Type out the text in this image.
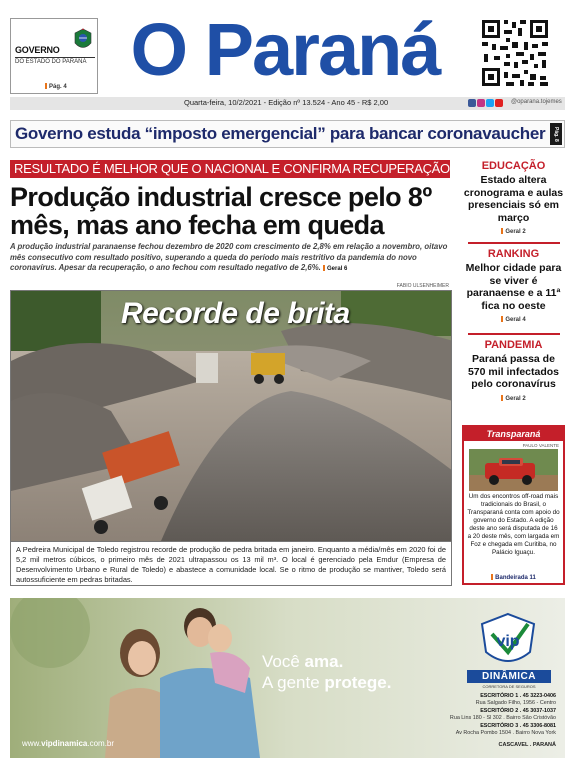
GOVERNO
DO ESTADO DO PARANÁ
Pág. 4 O Paraná
Quarta-feira, 10/2/2021 - Edição nº 13.524 - Ano 45 - R$ 2,00	@oparana.tojemes
Governo estuda “imposto emergencial” para bancar coronavaucher	Pág. 8
RESULTADO É MELHOR QUE O NACIONAL E CONFIRMA RECUPERAÇÃO
Produção industrial cresce pelo 8º mês, mas ano fecha em queda
A produção industrial paranaense fechou dezembro de 2020 com crescimento de 2,8% em relação a novembro, oitavo mês consecutivo com resultado positivo, superando a queda do período mais restritivo da pandemia do novo coronavírus. Apesar da recuperação, o ano fechou com resultado negativo de 2,6%. Geral 6
FABIO ULSENHEIMER
Recorde de brita
A Pedreira Municipal de Toledo registrou recorde de produção de pedra britada em janeiro. Enquanto a média/mês em 2020 foi de 5,2 mil metros cúbicos, o primeiro mês de 2021 ultrapassou os 13 mil m³. O local é gerenciado pela Emdur (Empresa de Desenvolvimento Urbano e Rural de Toledo) e abastece a comunidade local. Se o ritmo de produção se mantiver, Toledo será autossuficiente em pedras britadas.
EDUCAÇÃO
Estado altera cronograma e aulas presenciais só em março
Geral 2
RANKING
Melhor cidade para se viver é paranaense e a 11ª fica no oeste
Geral 4
PANDEMIA
Paraná passa de 570 mil infectados pelo coronavírus
Geral 2
Transparaná
PAULO VALENTE
Um dos encontros off-road mais tradicionais do Brasil, o Transparaná conta com apoio do governo do Estado. A edição deste ano será disputada de 16 a 20 deste mês, com largada em Foz e chegada em Curitiba, no Palácio Iguaçu.
Bandeirada 11
vip
Você ama.
A gente protege.
www.vipdinamica.com.br
DINÂMICA
CORRETORA DE SEGUROS
ESCRITÓRIO 1 . 45 3223-0406
Rua Salgado Filho, 1956 - Centro
ESCRITÓRIO 2 . 45 3037-1037
Rua Lins 180 - Sl 302 . Bairro São Cristóvão
ESCRITÓRIO 3 . 45 3306-8081
Av Rocha Pombo 1504 . Bairro Nova York
CASCAVEL . PARANÁ
